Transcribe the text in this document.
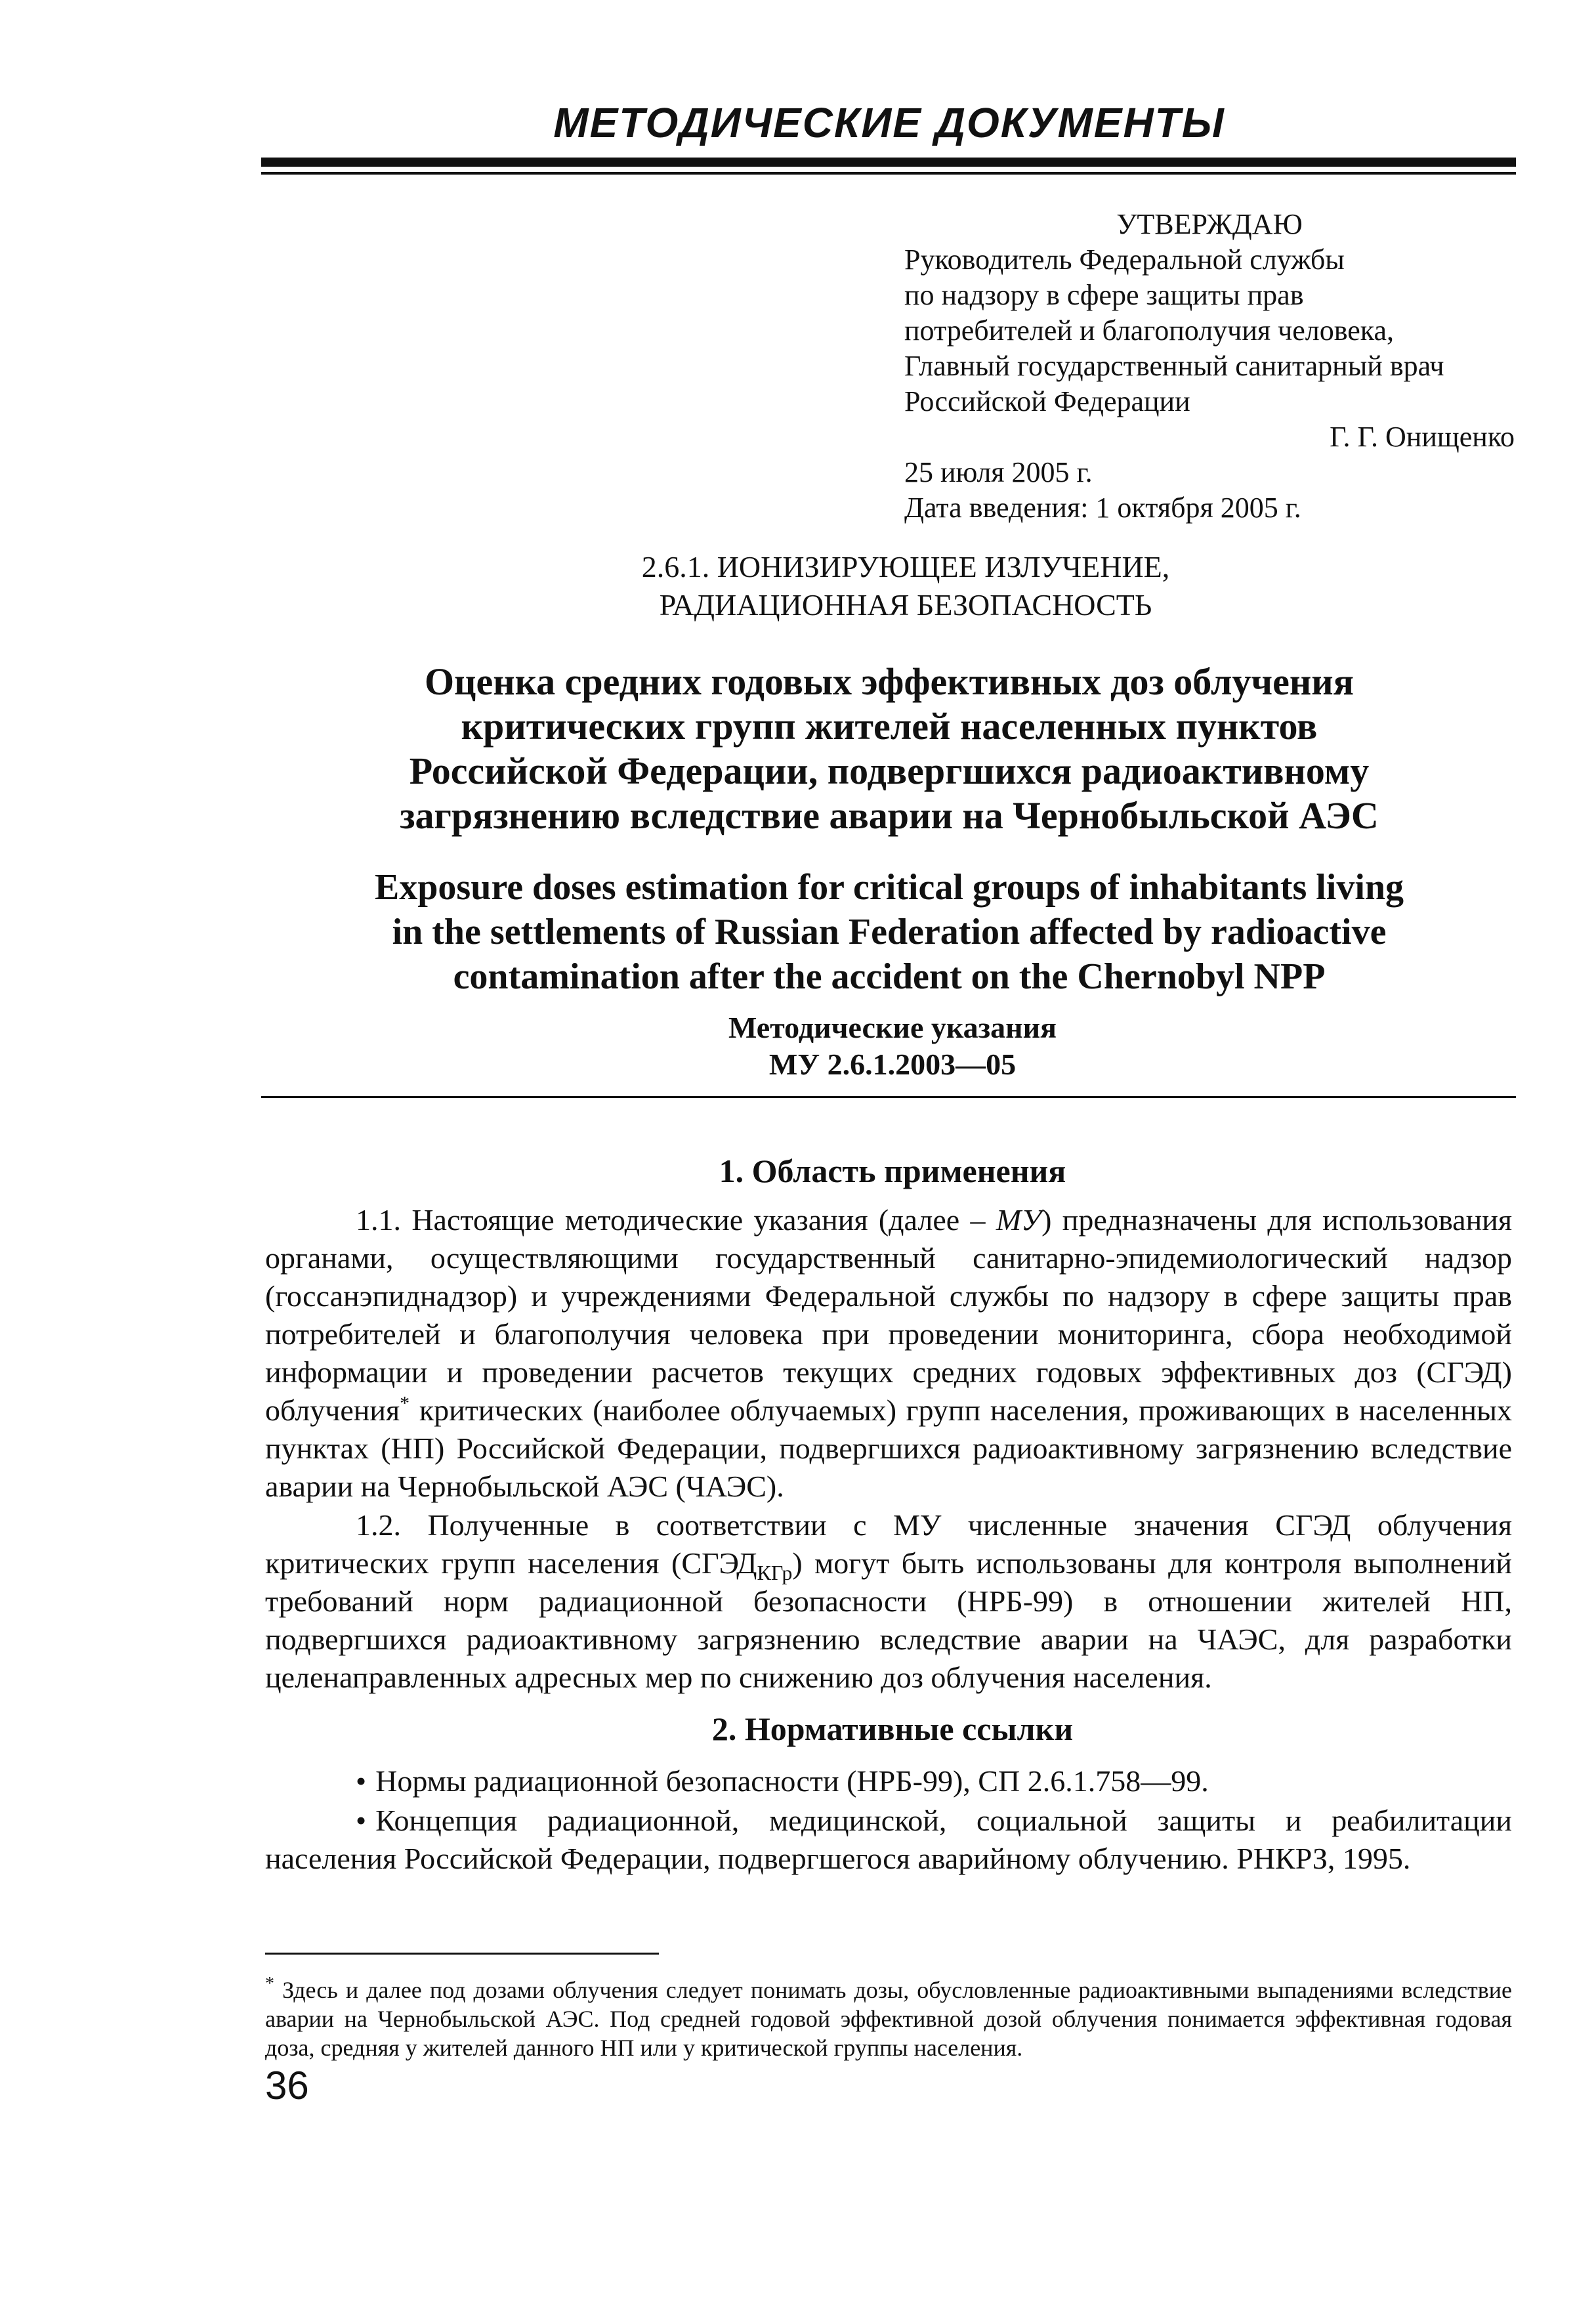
МЕТОДИЧЕСКИЕ ДОКУМЕНТЫ
УТВЕРЖДАЮ
Руководитель Федеральной службы
по надзору в сфере защиты прав
потребителей и благополучия человека,
Главный государственный санитарный врач
Российской Федерации
Г. Г. Онищенко
25 июля 2005 г.
Дата введения: 1 октября 2005 г.
2.6.1. ИОНИЗИРУЮЩЕЕ ИЗЛУЧЕНИЕ,
РАДИАЦИОННАЯ БЕЗОПАСНОСТЬ
Оценка средних годовых эффективных доз облучения
критических групп жителей населенных пунктов
Российской Федерации, подвергшихся радиоактивному
загрязнению вследствие аварии на Чернобыльской АЭС
Exposure doses estimation for critical groups of inhabitants living
in the settlements of Russian Federation affected by radioactive
contamination after the accident on the Chernobyl NPP
Методические указания
МУ 2.6.1.2003—05
1. Область применения

1.1. Настоящие методические указания (далее – МУ) предназначены для использования органами, осуществляющими государственный санитарно-эпидемиологический надзор (госсанэпиднадзор) и учреждениями Федеральной службы по надзору в сфере защиты прав потребителей и благополучия человека при проведении мониторинга, сбора необходимой информации и проведении расчетов текущих средних годовых эффективных доз (СГЭД) облучения* критических (наиболее облучаемых) групп населения, проживающих в населенных пунктах (НП) Российской Федерации, подвергшихся радиоактивному загрязнению вследствие аварии на Чернобыльской АЭС (ЧАЭС).

1.2. Полученные в соответствии с МУ численные значения СГЭД облучения критических групп населения $(СГЭД_{КГр})$ могут быть использованы для контроля выполнений требований норм радиационной безопасности (НРБ-99) в отношении жителей НП, подвергшихся радиоактивному загрязнению вследствие аварии на ЧАЭС, для разработки целенаправленных адресных мер по снижению доз облучения населения.

2. Нормативные ссылки

• Нормы радиационной безопасности (НРБ-99), СП 2.6.1.758—99.

• Концепция радиационной, медицинской, социальной защиты и реабилитации населения Российской Федерации, подвергшегося аварийному облучению. РНКРЗ, 1995.

* Здесь и далее под дозами облучения следует понимать дозы, обусловленные радиоактивными выпадениями вследствие аварии на Чернобыльской АЭС. Под средней годовой эффективной дозой облучения понимается эффективная годовая доза, средняя у жителей данного НП или у критической группы населения.

36
